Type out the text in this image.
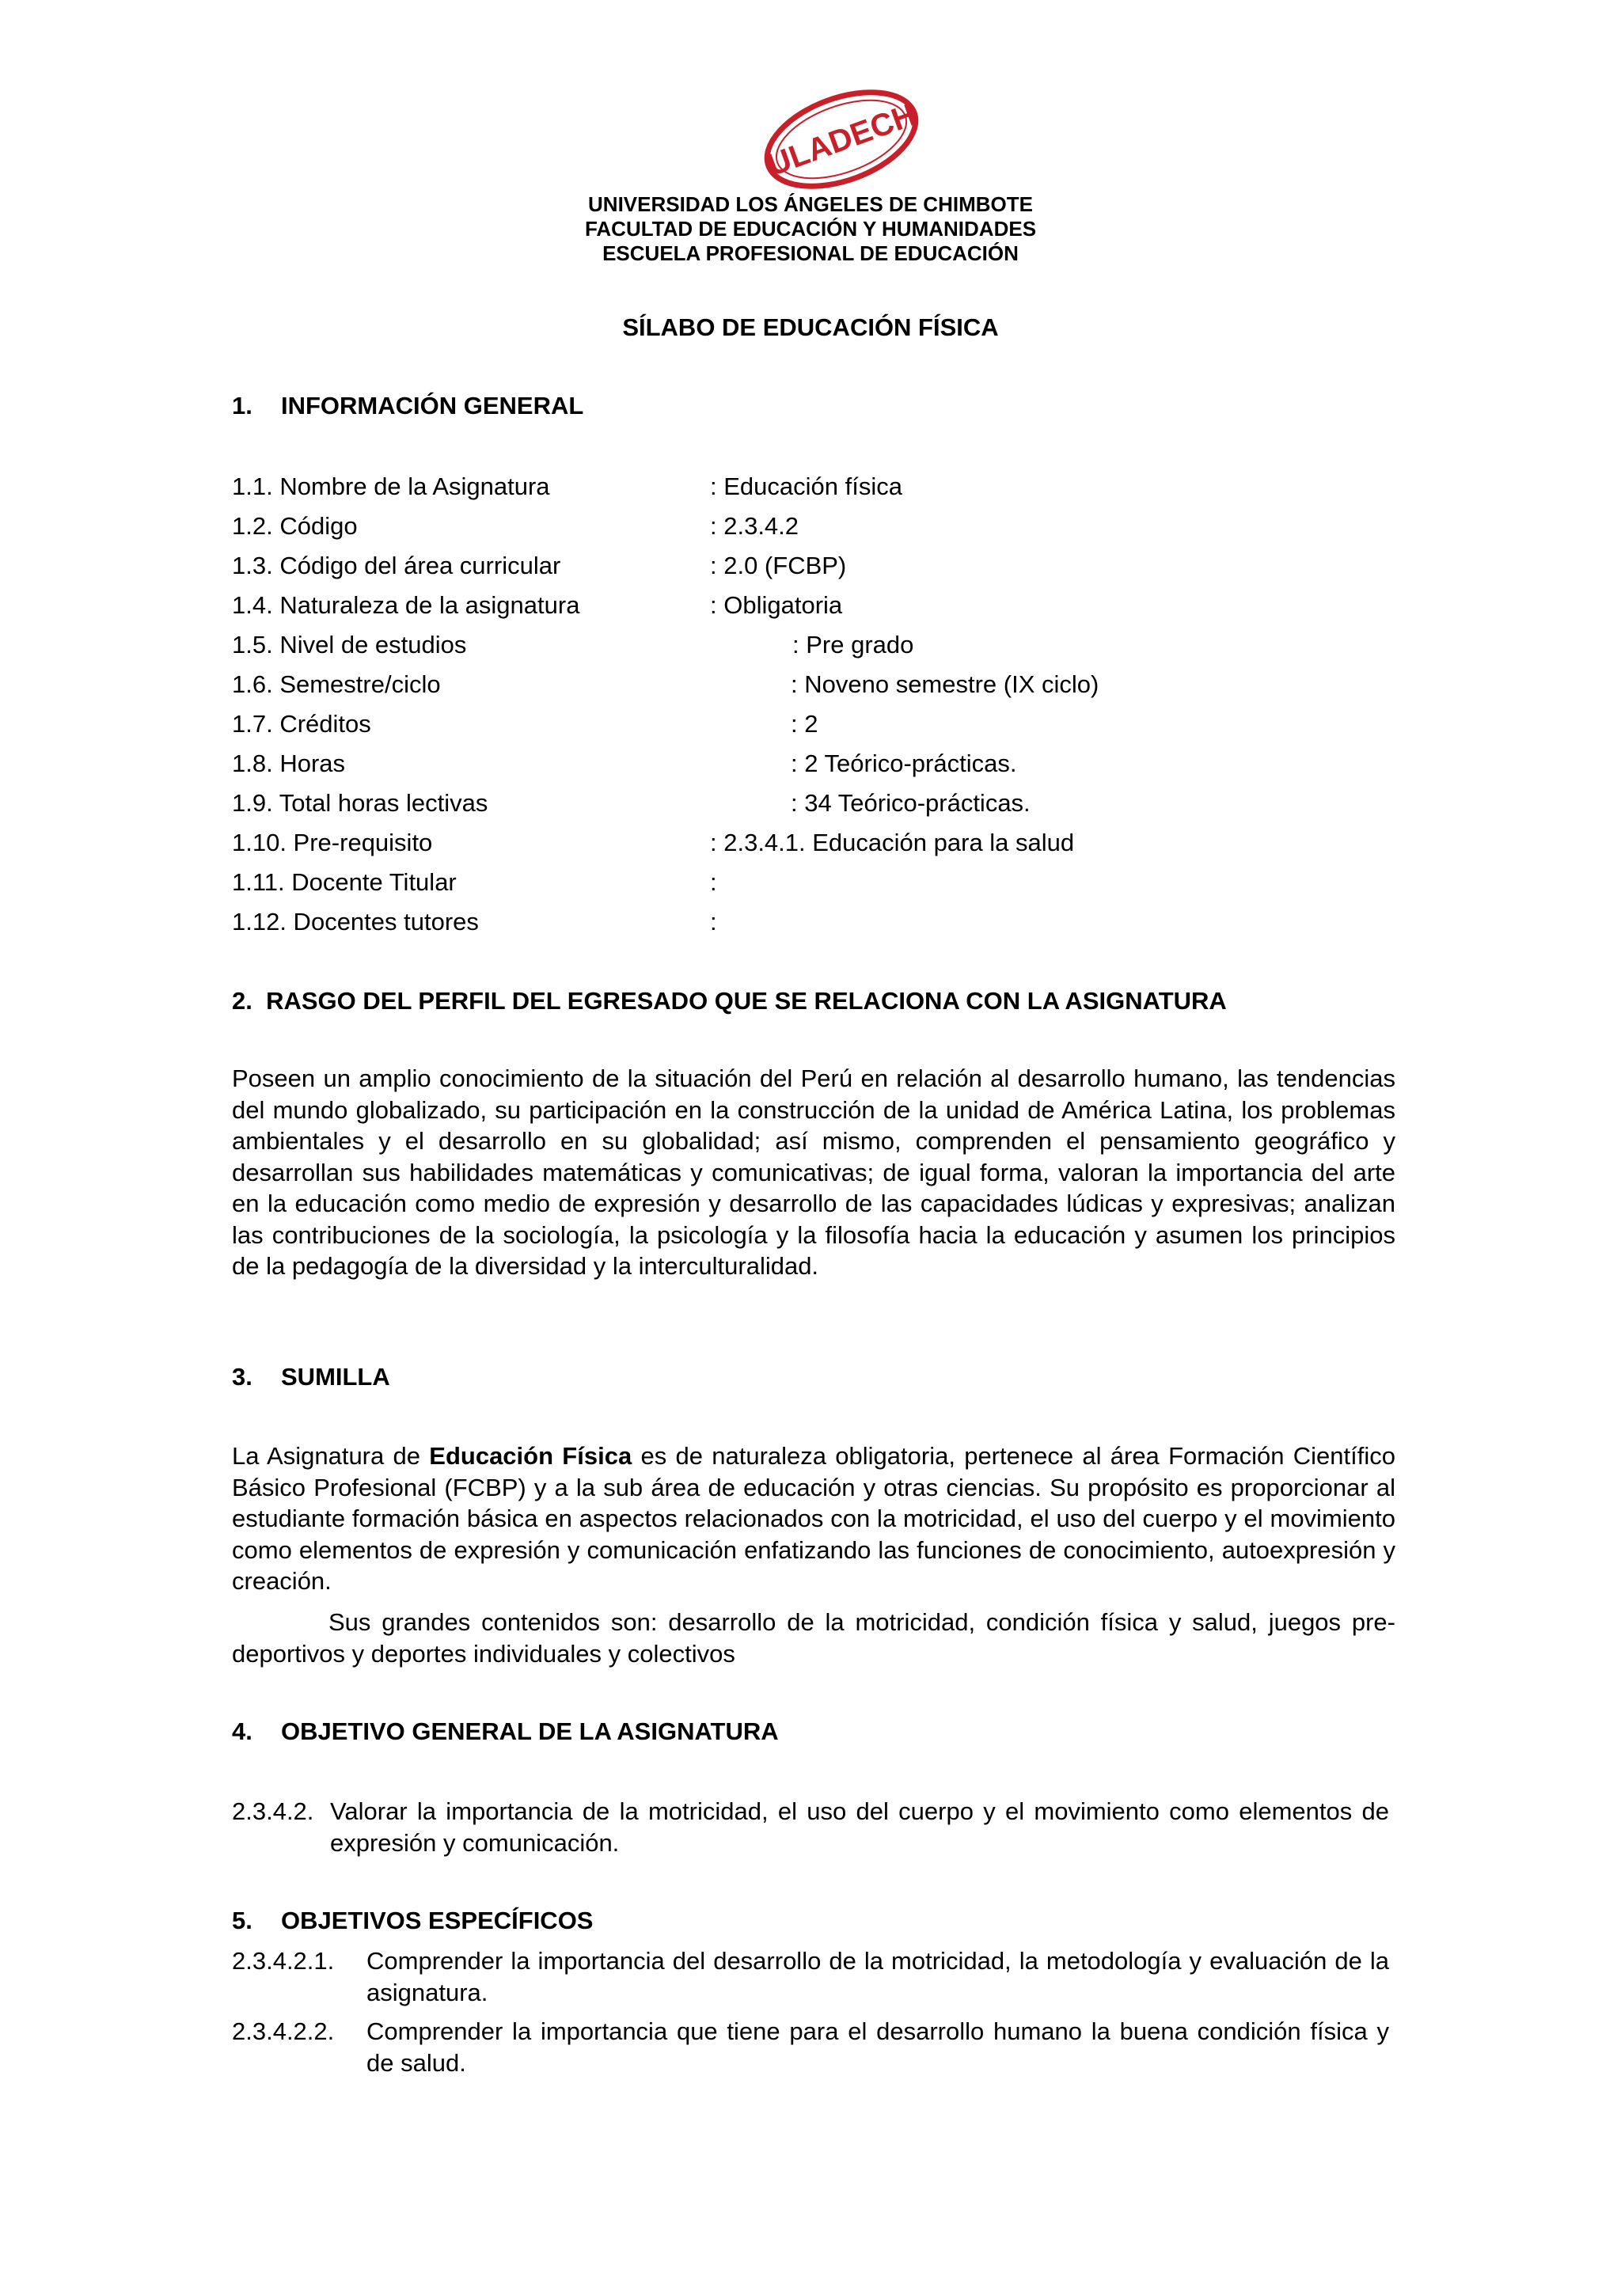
ULADECH
UNIVERSIDAD LOS ÁNGELES DE CHIMBOTE
FACULTAD DE EDUCACIÓN Y HUMANIDADES
ESCUELA PROFESIONAL DE EDUCACIÓN
SÍLABO DE EDUCACIÓN FÍSICA
1. INFORMACIÓN GENERAL
1.1. Nombre de la Asignatura	: Educación física
1.2. Código	: 2.3.4.2
1.3. Código del área curricular	: 2.0 (FCBP)
1.4. Naturaleza de la asignatura	: Obligatoria
1.5. Nivel de estudios	: Pre grado
1.6. Semestre/ciclo	: Noveno semestre (IX ciclo)
1.7. Créditos	: 2
1.8. Horas	: 2 Teórico-prácticas.
1.9. Total horas lectivas	: 34 Teórico-prácticas.
1.10. Pre-requisito	: 2.3.4.1. Educación para la salud
1.11. Docente Titular	:
1.12. Docentes tutores	:
2. RASGO DEL PERFIL DEL EGRESADO QUE SE RELACIONA CON LA ASIGNATURA
Poseen un amplio conocimiento de la situación del Perú en relación al desarrollo humano, las tendencias del mundo globalizado, su participación en la construcción de la unidad de América Latina, los problemas ambientales y el desarrollo en su globalidad; así mismo, comprenden el pensamiento geográfico y desarrollan sus habilidades matemáticas y comunicativas; de igual forma, valoran la importancia del arte en la educación como medio de expresión y desarrollo de las capacidades lúdicas y expresivas; analizan las contribuciones de la sociología, la psicología y la filosofía hacia la educación y asumen los principios de la pedagogía de la diversidad y la interculturalidad.
3. SUMILLA
La Asignatura de Educación Física es de naturaleza obligatoria, pertenece al área Formación Científico Básico Profesional (FCBP) y a la sub área de educación y otras ciencias. Su propósito es proporcionar al estudiante formación básica en aspectos relacionados con la motricidad, el uso del cuerpo y el movimiento como elementos de expresión y comunicación enfatizando las funciones de conocimiento, autoexpresión y creación.
Sus grandes contenidos son: desarrollo de la motricidad, condición física y salud, juegos pre-deportivos y deportes individuales y colectivos
4. OBJETIVO GENERAL DE LA ASIGNATURA
2.3.4.2. Valorar la importancia de la motricidad, el uso del cuerpo y el movimiento como elementos de expresión y comunicación.
5. OBJETIVOS ESPECÍFICOS
2.3.4.2.1.	Comprender la importancia del desarrollo de la motricidad, la metodología y evaluación de la asignatura.
2.3.4.2.2.	Comprender la importancia que tiene para el desarrollo humano la buena condición física y de salud.
